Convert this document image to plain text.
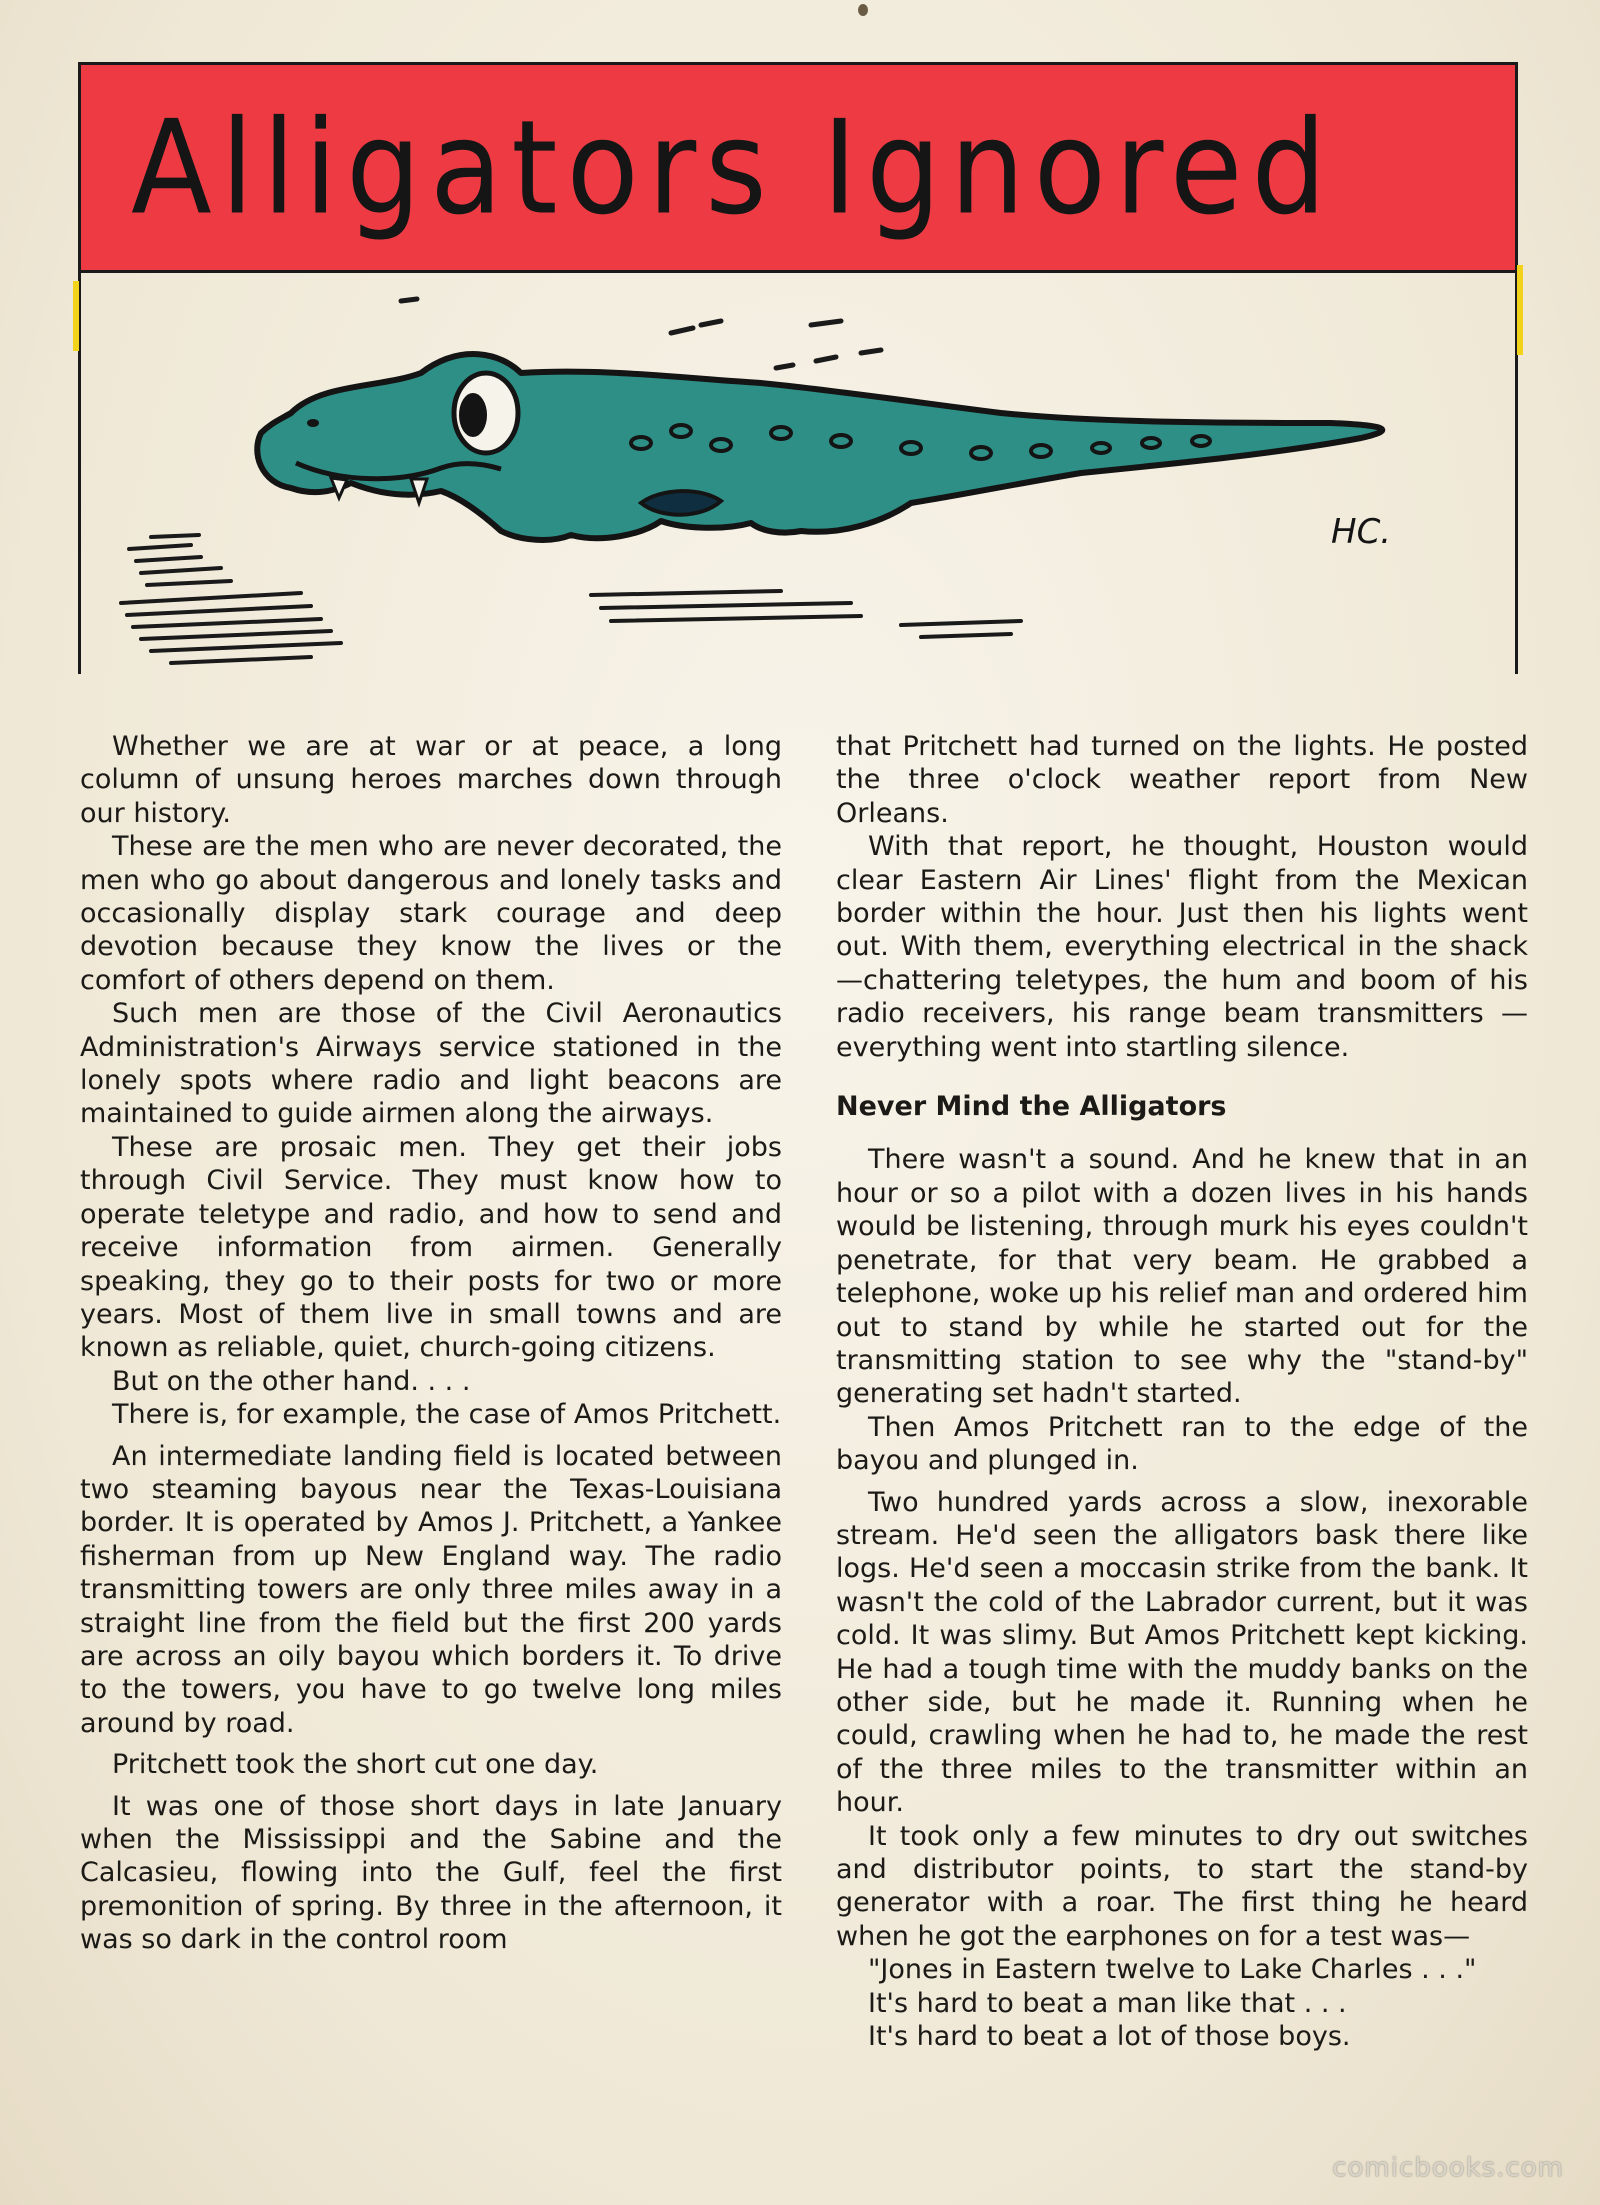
Alligators Ignored
HC.

Whether we are at war or at peace, a long column of unsung heroes marches down through our history.

These are the men who are never decorated, the men who go about dangerous and lonely tasks and occasionally display stark courage and deep devotion because they know the lives or the comfort of others depend on them.

Such men are those of the Civil Aeronautics Administration's Airways service stationed in the lonely spots where radio and light beacons are maintained to guide airmen along the airways.

These are prosaic men. They get their jobs through Civil Service. They must know how to operate teletype and radio, and how to send and receive information from airmen. Generally speaking, they go to their posts for two or more years. Most of them live in small towns and are known as reliable, quiet, church-going citizens.

But on the other hand. . . .

There is, for example, the case of Amos Pritchett.

An intermediate landing field is located between two steaming bayous near the Texas-Louisiana border. It is operated by Amos J. Pritchett, a Yankee fisherman from up New England way. The radio transmitting towers are only three miles away in a straight line from the field but the first 200 yards are across an oily bayou which borders it. To drive to the towers, you have to go twelve long miles around by road.

Pritchett took the short cut one day.

It was one of those short days in late January when the Mississippi and the Sabine and the Calcasieu, flowing into the Gulf, feel the first premonition of spring. By three in the afternoon, it was so dark in the control room

that Pritchett had turned on the lights. He posted the three o'clock weather report from New Orleans.

With that report, he thought, Houston would clear Eastern Air Lines' flight from the Mexican border within the hour. Just then his lights went out. With them, everything electrical in the shack—chattering teletypes, the hum and boom of his radio receivers, his range beam transmitters — everything went into startling silence.

Never Mind the Alligators

There wasn't a sound. And he knew that in an hour or so a pilot with a dozen lives in his hands would be listening, through murk his eyes couldn't penetrate, for that very beam. He grabbed a telephone, woke up his relief man and ordered him out to stand by while he started out for the transmitting station to see why the "stand-by" generating set hadn't started.

Then Amos Pritchett ran to the edge of the bayou and plunged in.

Two hundred yards across a slow, inexorable stream. He'd seen the alligators bask there like logs. He'd seen a moccasin strike from the bank. It wasn't the cold of the Labrador current, but it was cold. It was slimy. But Amos Pritchett kept kicking. He had a tough time with the muddy banks on the other side, but he made it. Running when he could, crawling when he had to, he made the rest of the three miles to the transmitter within an hour.

It took only a few minutes to dry out switches and distributor points, to start the stand-by generator with a roar. The first thing he heard when he got the earphones on for a test was—

"Jones in Eastern twelve to Lake Charles . . ."

It's hard to beat a man like that . . .

It's hard to beat a lot of those boys.

comicbooks.com
